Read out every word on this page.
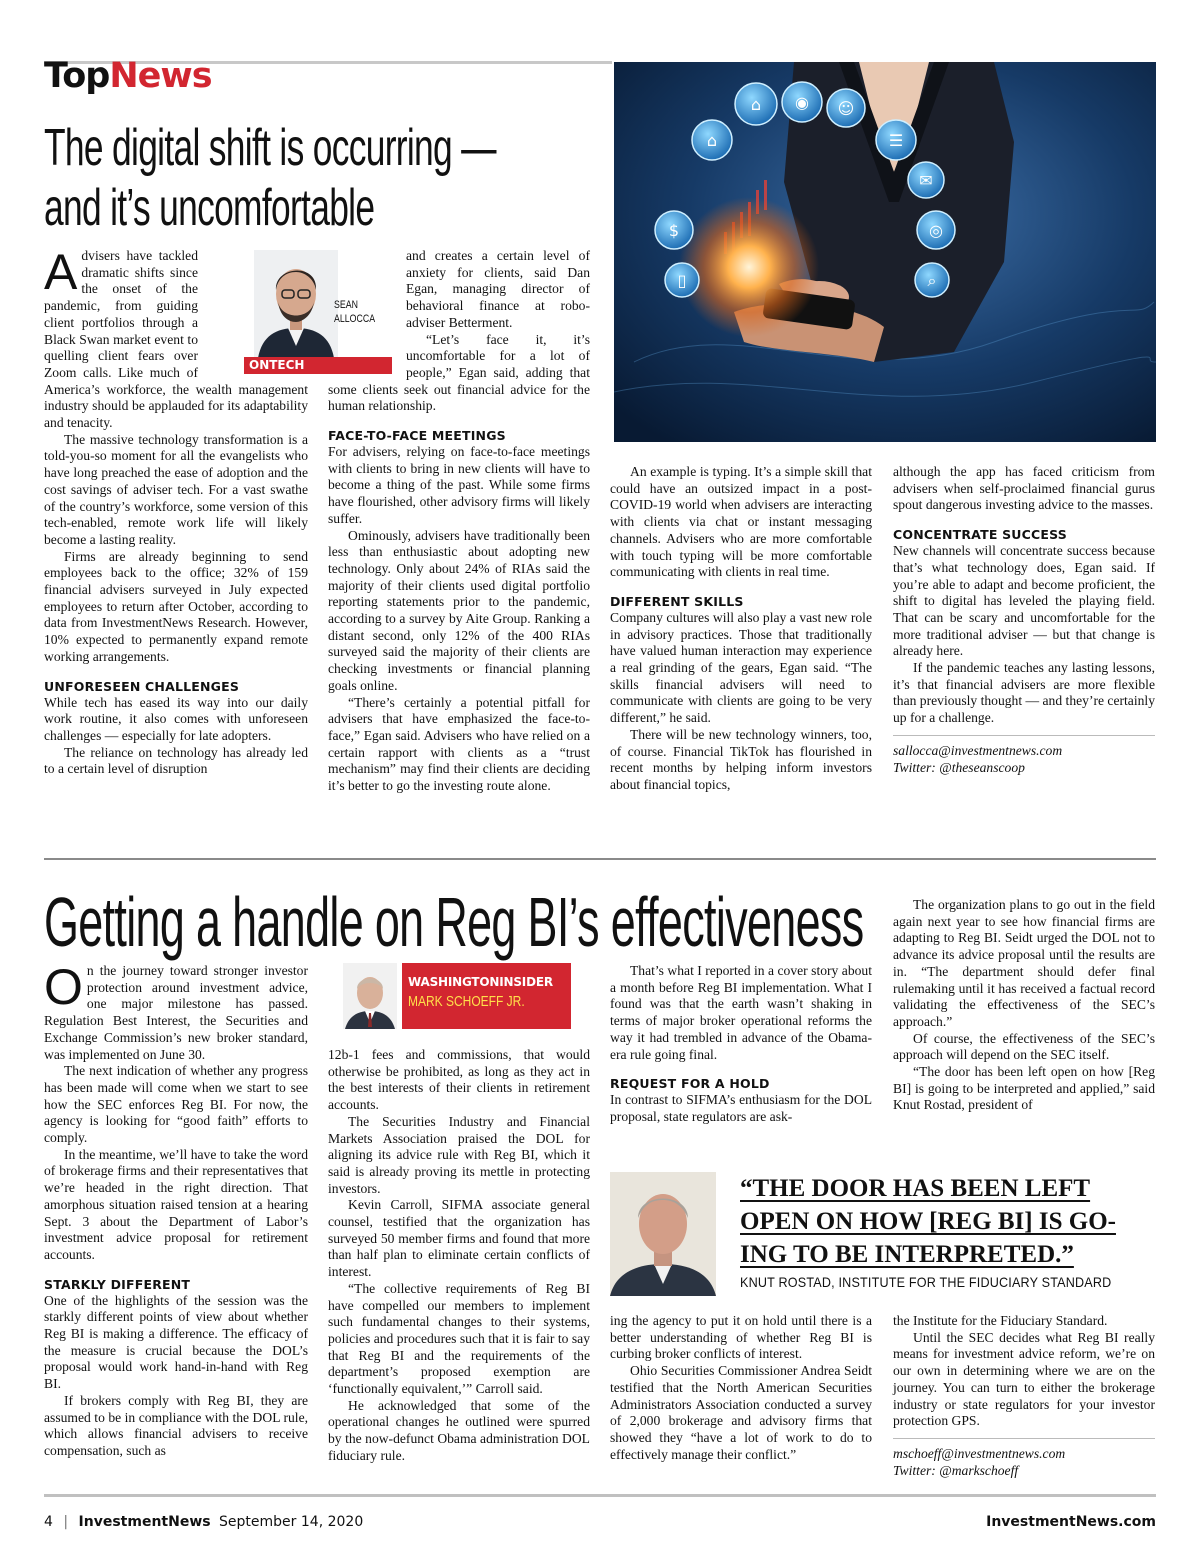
TopNews
The digital shift is occurring —
and it’s uncomfortable	$
⌂	☺
✉
◎
⌕
◉
⌂	☰
▯
SEAN
ALLOCCA
ONTECH
A dvisers have tackled dramatic shifts since the onset of the pandemic, from guiding client portfolios through a Black Swan market event to quelling client fears over Zoom calls. Like much of America’s workforce, the wealth management industry should be applauded for its adaptability and tenacity.

The massive technology transformation is a told-you-so moment for all the evangelists who have long preached the ease of adoption and the cost savings of adviser tech. For a vast swathe of the country’s workforce, some version of this tech-enabled, remote work life will likely become a lasting reality.

Firms are already beginning to send employees back to the office; 32% of 159 financial advisers surveyed in July expected employees to return after October, according to data from InvestmentNews Research. However, 10% expected to permanently expand remote working arrangements.

UNFORESEEN CHALLENGES

While tech has eased its way into our daily work routine, it also comes with unforeseen challenges — especially for late adopters.

The reliance on technology has already led to a certain level of disruption

and creates a certain level of anxiety for clients, said Dan Egan, managing director of behavioral finance at robo-adviser Betterment.

“Let’s face it, it’s uncomfortable for a lot of people,” Egan said, adding that some clients seek out financial advice for the human relationship.

FACE-TO-FACE MEETINGS

For advisers, relying on face-to-face meetings with clients to bring in new clients will have to become a thing of the past. While some firms have flourished, other advisory firms will likely suffer.

Ominously, advisers have traditionally been less than enthusiastic about adopting new technology. Only about 24% of RIAs said the majority of their clients used digital portfolio reporting statements prior to the pandemic, according to a survey by Aite Group. Ranking a distant second, only 12% of the 400 RIAs surveyed said the majority of their clients are checking investments or financial planning goals online.

“There’s certainly a potential pitfall for advisers that have emphasized the face-to-face,” Egan said. Advisers who have relied on a certain rapport with clients as a “trust mechanism” may find their clients are deciding it’s better to go the investing route alone.

An example is typing. It’s a simple skill that could have an outsized impact in a post-COVID-19 world when advisers are interacting with clients via chat or instant messaging channels. Advisers who are more comfortable with touch typing will be more comfortable communicating with clients in real time.

DIFFERENT SKILLS

Company cultures will also play a vast new role in advisory practices. Those that traditionally have valued human interaction may experience a real grinding of the gears, Egan said. “The skills financial advisers will need to communicate with clients are going to be very different,” he said.

There will be new technology winners, too, of course. Financial TikTok has flourished in recent months by helping inform investors about financial topics,

although the app has faced criticism from advisers when self-proclaimed financial gurus spout dangerous investing advice to the masses.

CONCENTRATE SUCCESS

New channels will concentrate success because that’s what technology does, Egan said. If you’re able to adapt and become proficient, the shift to digital has leveled the playing field. That can be scary and uncomfortable for the more traditional adviser — but that change is already here.

If the pandemic teaches any lasting lessons, it’s that financial advisers are more flexible than previously thought — and they’re certainly up for a challenge.

sallocca@investmentnews.com

Twitter: @theseanscoop

Getting a handle on Reg BI’s effectiveness
WASHINGTONINSIDER
MARK SCHOEFF JR.
O n the journey toward stronger investor protection around investment advice, one major milestone has passed. Regulation Best Interest, the Securities and Exchange Commission’s new broker standard, was implemented on June 30.

The next indication of whether any progress has been made will come when we start to see how the SEC enforces Reg BI. For now, the agency is looking for “good faith” efforts to comply.

In the meantime, we’ll have to take the word of brokerage firms and their representatives that we’re headed in the right direction. That amorphous situation raised tension at a hearing Sept. 3 about the Department of Labor’s investment advice proposal for retirement accounts.

STARKLY DIFFERENT

One of the highlights of the session was the starkly different points of view about whether Reg BI is making a difference. The efficacy of the measure is crucial because the DOL’s proposal would work hand-in-hand with Reg BI.

If brokers comply with Reg BI, they are assumed to be in compliance with the DOL rule, which allows financial advisers to receive compensation, such as

12b-1 fees and commissions, that would otherwise be prohibited, as long as they act in the best interests of their clients in retirement accounts.

The Securities Industry and Financial Markets Association praised the DOL for aligning its advice rule with Reg BI, which it said is already proving its mettle in protecting investors.

Kevin Carroll, SIFMA associate general counsel, testified that the organization has surveyed 50 member firms and found that more than half plan to eliminate certain conflicts of interest.

“The collective requirements of Reg BI have compelled our members to implement such fundamental changes to their systems, policies and procedures such that it is fair to say that Reg BI and the requirements of the department’s proposed exemption are ‘functionally equivalent,’” Carroll said.

He acknowledged that some of the operational changes he outlined were spurred by the now-defunct Obama administration DOL fiduciary rule.

That’s what I reported in a cover story about a month before Reg BI implementation. What I found was that the earth wasn’t shaking in terms of major broker operational reforms the way it had trembled in advance of the Obama-era rule going final.

REQUEST FOR A HOLD

In contrast to SIFMA’s enthusiasm for the DOL proposal, state regulators are ask-

The organization plans to go out in the field again next year to see how financial firms are adapting to Reg BI. Seidt urged the DOL not to advance its advice proposal until the results are in. “The department should defer final rulemaking until it has received a factual record validating the effectiveness of the SEC’s approach.”

Of course, the effectiveness of the SEC’s approach will depend on the SEC itself.

“The door has been left open on how [Reg BI] is going to be interpreted and applied,” said Knut Rostad, president of

“THE DOOR HAS BEEN LEFT
OPEN ON HOW [REG BI] IS GO-
ING TO BE INTERPRETED.”
KNUT ROSTAD, INSTITUTE FOR THE FIDUCIARY STANDARD

ing the agency to put it on hold until there is a better understanding of whether Reg BI is curbing broker conflicts of interest.

Ohio Securities Commissioner Andrea Seidt testified that the North American Securities Administrators Association conducted a survey of 2,000 brokerage and advisory firms that showed they “have a lot of work to do to effectively manage their conflict.”

the Institute for the Fiduciary Standard.

Until the SEC decides what Reg BI really means for investment advice reform, we’re on our own in determining where we are on the journey. You can turn to either the brokerage industry or state regulators for your investor protection GPS.

mschoeff@investmentnews.com

Twitter: @markschoeff

4 | InvestmentNews September 14, 2020	InvestmentNews.com
